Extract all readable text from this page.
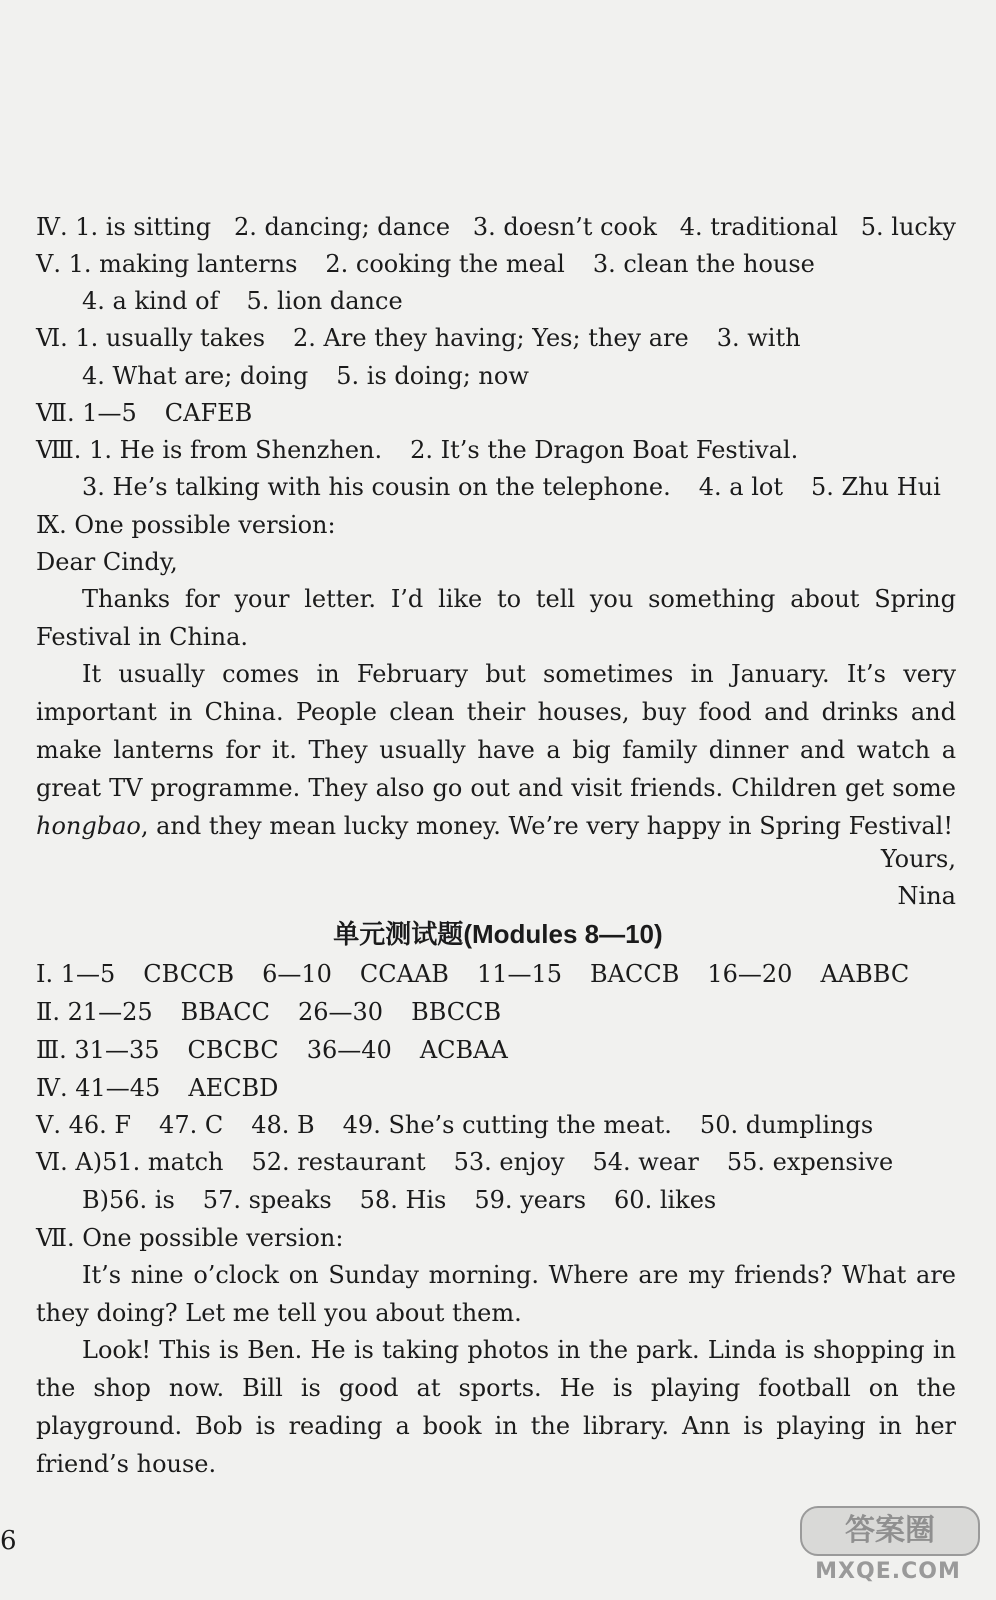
Ⅳ. 1. is sitting 2. dancing; dance 3. doesn’t cook 4. traditional 5. lucky
Ⅴ. 1. making lanterns 2. cooking the meal 3. clean the house
4. a kind of 5. lion dance
Ⅵ. 1. usually takes 2. Are they having; Yes; they are 3. with
4. What are; doing 5. is doing; now
Ⅶ. 1—5 CAFEB
Ⅷ. 1. He is from Shenzhen. 2. It’s the Dragon Boat Festival.
3. He’s talking with his cousin on the telephone. 4. a lot 5. Zhu Hui
Ⅸ. One possible version:
Dear Cindy,
Thanks for your letter. I’d like to tell you something about Spring Festival in China.
It usually comes in February but sometimes in January. It’s very important in China. People clean their houses, buy food and drinks and make lanterns for it. They usually have a big family dinner and watch a great TV programme. They also go out and visit friends. Children get some hongbao, and they mean lucky money. We’re very happy in Spring Festival!
Yours,
Nina
单元测试题(Modules 8—10)
Ⅰ. 1—5 CBCCB 6—10 CCAAB 11—15 BACCB 16—20 AABBC
Ⅱ. 21—25 BBACC 26—30 BBCCB
Ⅲ. 31—35 CBCBC 36—40 ACBAA
Ⅳ. 41—45 AECBD
Ⅴ. 46. F 47. C 48. B 49. She’s cutting the meat. 50. dumplings
Ⅵ. A)51. match 52. restaurant 53. enjoy 54. wear 55. expensive
B)56. is 57. speaks 58. His 59. years 60. likes
Ⅶ. One possible version:
It’s nine o’clock on Sunday morning. Where are my friends? What are they doing? Let me tell you about them.
Look! This is Ben. He is taking photos in the park. Linda is shopping in the shop now. Bill is good at sports. He is playing football on the playground. Bob is reading a book in the library. Ann is playing in her friend’s house.
6	答案圈
MXQE.COM
